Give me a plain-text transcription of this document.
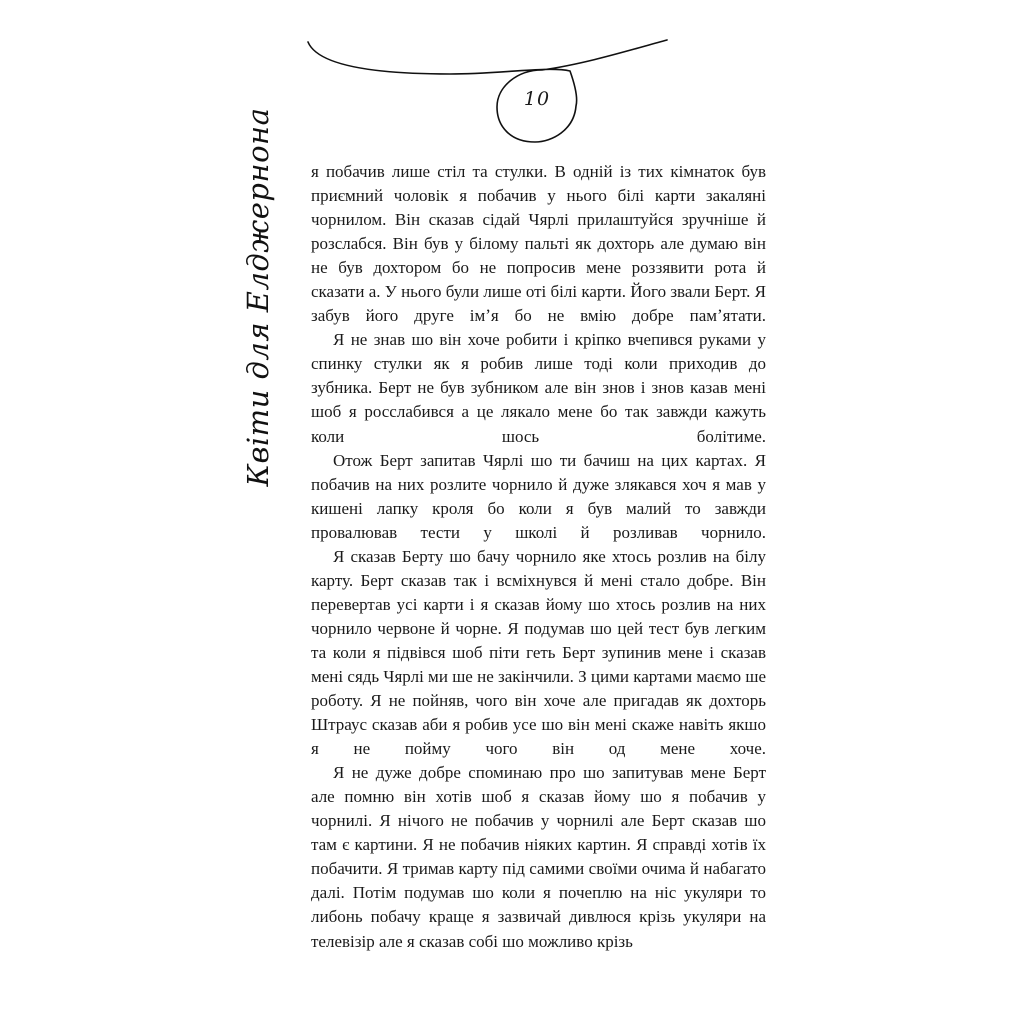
10
Квіти для Елджернона я побачив лише стіл та стулки. В одній із тих кімнаток був приємний чоловік я побачив у нього білі карти закаляні чорнилом. Він сказав сідай Чярлі прилаштуйся зручніше й розслабся. Він був у білому пальті як дохторь але думаю він не був дохтором бо не попросив мене роззявити рота й сказати а. У нього були лише оті білі карти. Його звали Берт. Я забув його друге імʼя бо не вмію добре памʼятати.

Я не знав шо він хоче робити і кріпко вчепився руками у спинку стулки як я робив лише тоді коли приходив до зубника. Берт не був зубником але він знов і знов казав мені шоб я росслабився а це лякало мене бо так завжди кажуть коли шось болітиме.

Отож Берт запитав Чярлі шо ти бачиш на цих картах. Я побачив на них розлите чорнило й дуже злякався хоч я мав у кишені лапку кроля бо коли я був малий то завжди провалював тести у школі й розливав чорнило.

Я сказав Берту шо бачу чорнило яке хтось розлив на білу карту. Берт сказав так і всміхнувся й мені стало добре. Він перевертав усі карти і я сказав йому шо хтось розлив на них чорнило червоне й чорне. Я подумав шо цей тест був легким та коли я підвівся шоб піти геть Берт зупинив мене і сказав мені сядь Чярлі ми ше не закінчили. З цими картами маємо ше роботу. Я не пойняв, чого він хоче але пригадав як дохторь Штраус сказав аби я робив усе шо він мені скаже навіть якшо я не пойму чого він од мене хоче.

Я не дуже добре споминаю про шо запитував мене Берт але помню він хотів шоб я сказав йому шо я побачив у чорнилі. Я нічого не побачив у чорнилі але Берт сказав шо там є картини. Я не побачив ніяких картин. Я справді хотів їх побачити. Я тримав карту під самими своїми очима й набагато далі. Потім подумав шо коли я почеплю на ніс укуляри то либонь побачу краще я зазвичай дивлюся крізь укуляри на телевізір але я сказав собі шо можливо крізь
